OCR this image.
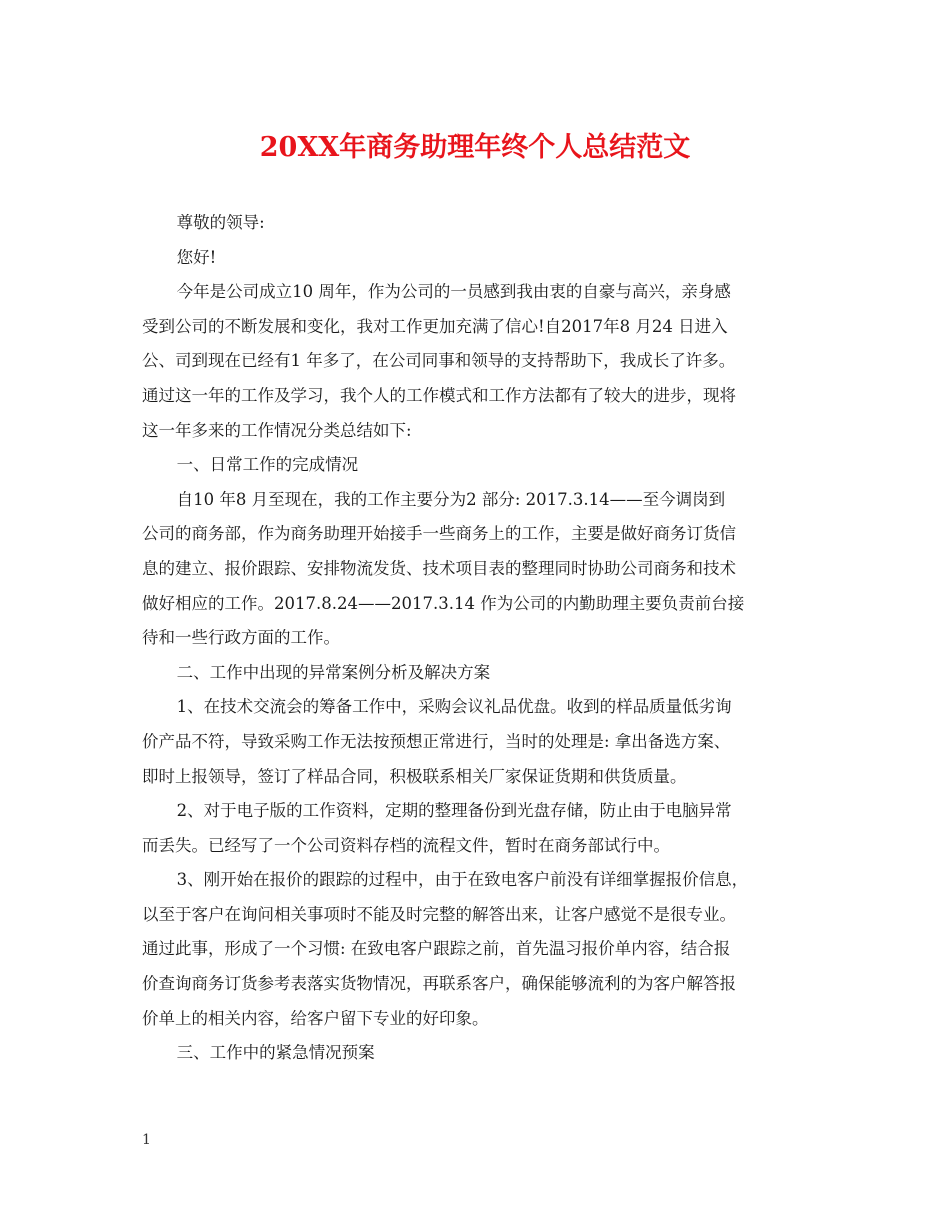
20XX年商务助理年终个人总结范文

尊敬的领导:

您好!

今年是公司成立10 周年，作为公司的一员感到我由衷的自豪与高兴，亲身感
受到公司的不断发展和变化，我对工作更加充满了信心!自2017年8 月24 日进入
公、司到现在已经有1 年多了，在公司同事和领导的支持帮助下，我成长了许多。
通过这一年的工作及学习，我个人的工作模式和工作方法都有了较大的进步，现将
这一年多来的工作情况分类总结如下:

一、日常工作的完成情况

自10 年8 月至现在，我的工作主要分为2 部分: 2017.3.14——至今调岗到
公司的商务部，作为商务助理开始接手一些商务上的工作，主要是做好商务订货信
息的建立、报价跟踪、安排物流发货、技术项目表的整理同时协助公司商务和技术
做好相应的工作。2017.8.24——2017.3.14 作为公司的内勤助理主要负责前台接
待和一些行政方面的工作。

二、工作中出现的异常案例分析及解决方案

1、在技术交流会的筹备工作中，采购会议礼品优盘。收到的样品质量低劣询
价产品不符，导致采购工作无法按预想正常进行，当时的处理是: 拿出备选方案、
即时上报领导，签订了样品合同，积极联系相关厂家保证货期和供货质量。

2、对于电子版的工作资料，定期的整理备份到光盘存储，防止由于电脑异常
而丢失。已经写了一个公司资料存档的流程文件，暂时在商务部试行中。

3、刚开始在报价的跟踪的过程中，由于在致电客户前没有详细掌握报价信息，
以至于客户在询问相关事项时不能及时完整的解答出来，让客户感觉不是很专业。
通过此事，形成了一个习惯: 在致电客户跟踪之前，首先温习报价单内容，结合报
价查询商务订货参考表落实货物情况，再联系客户，确保能够流利的为客户解答报
价单上的相关内容，给客户留下专业的好印象。

三、工作中的紧急情况预案

1
